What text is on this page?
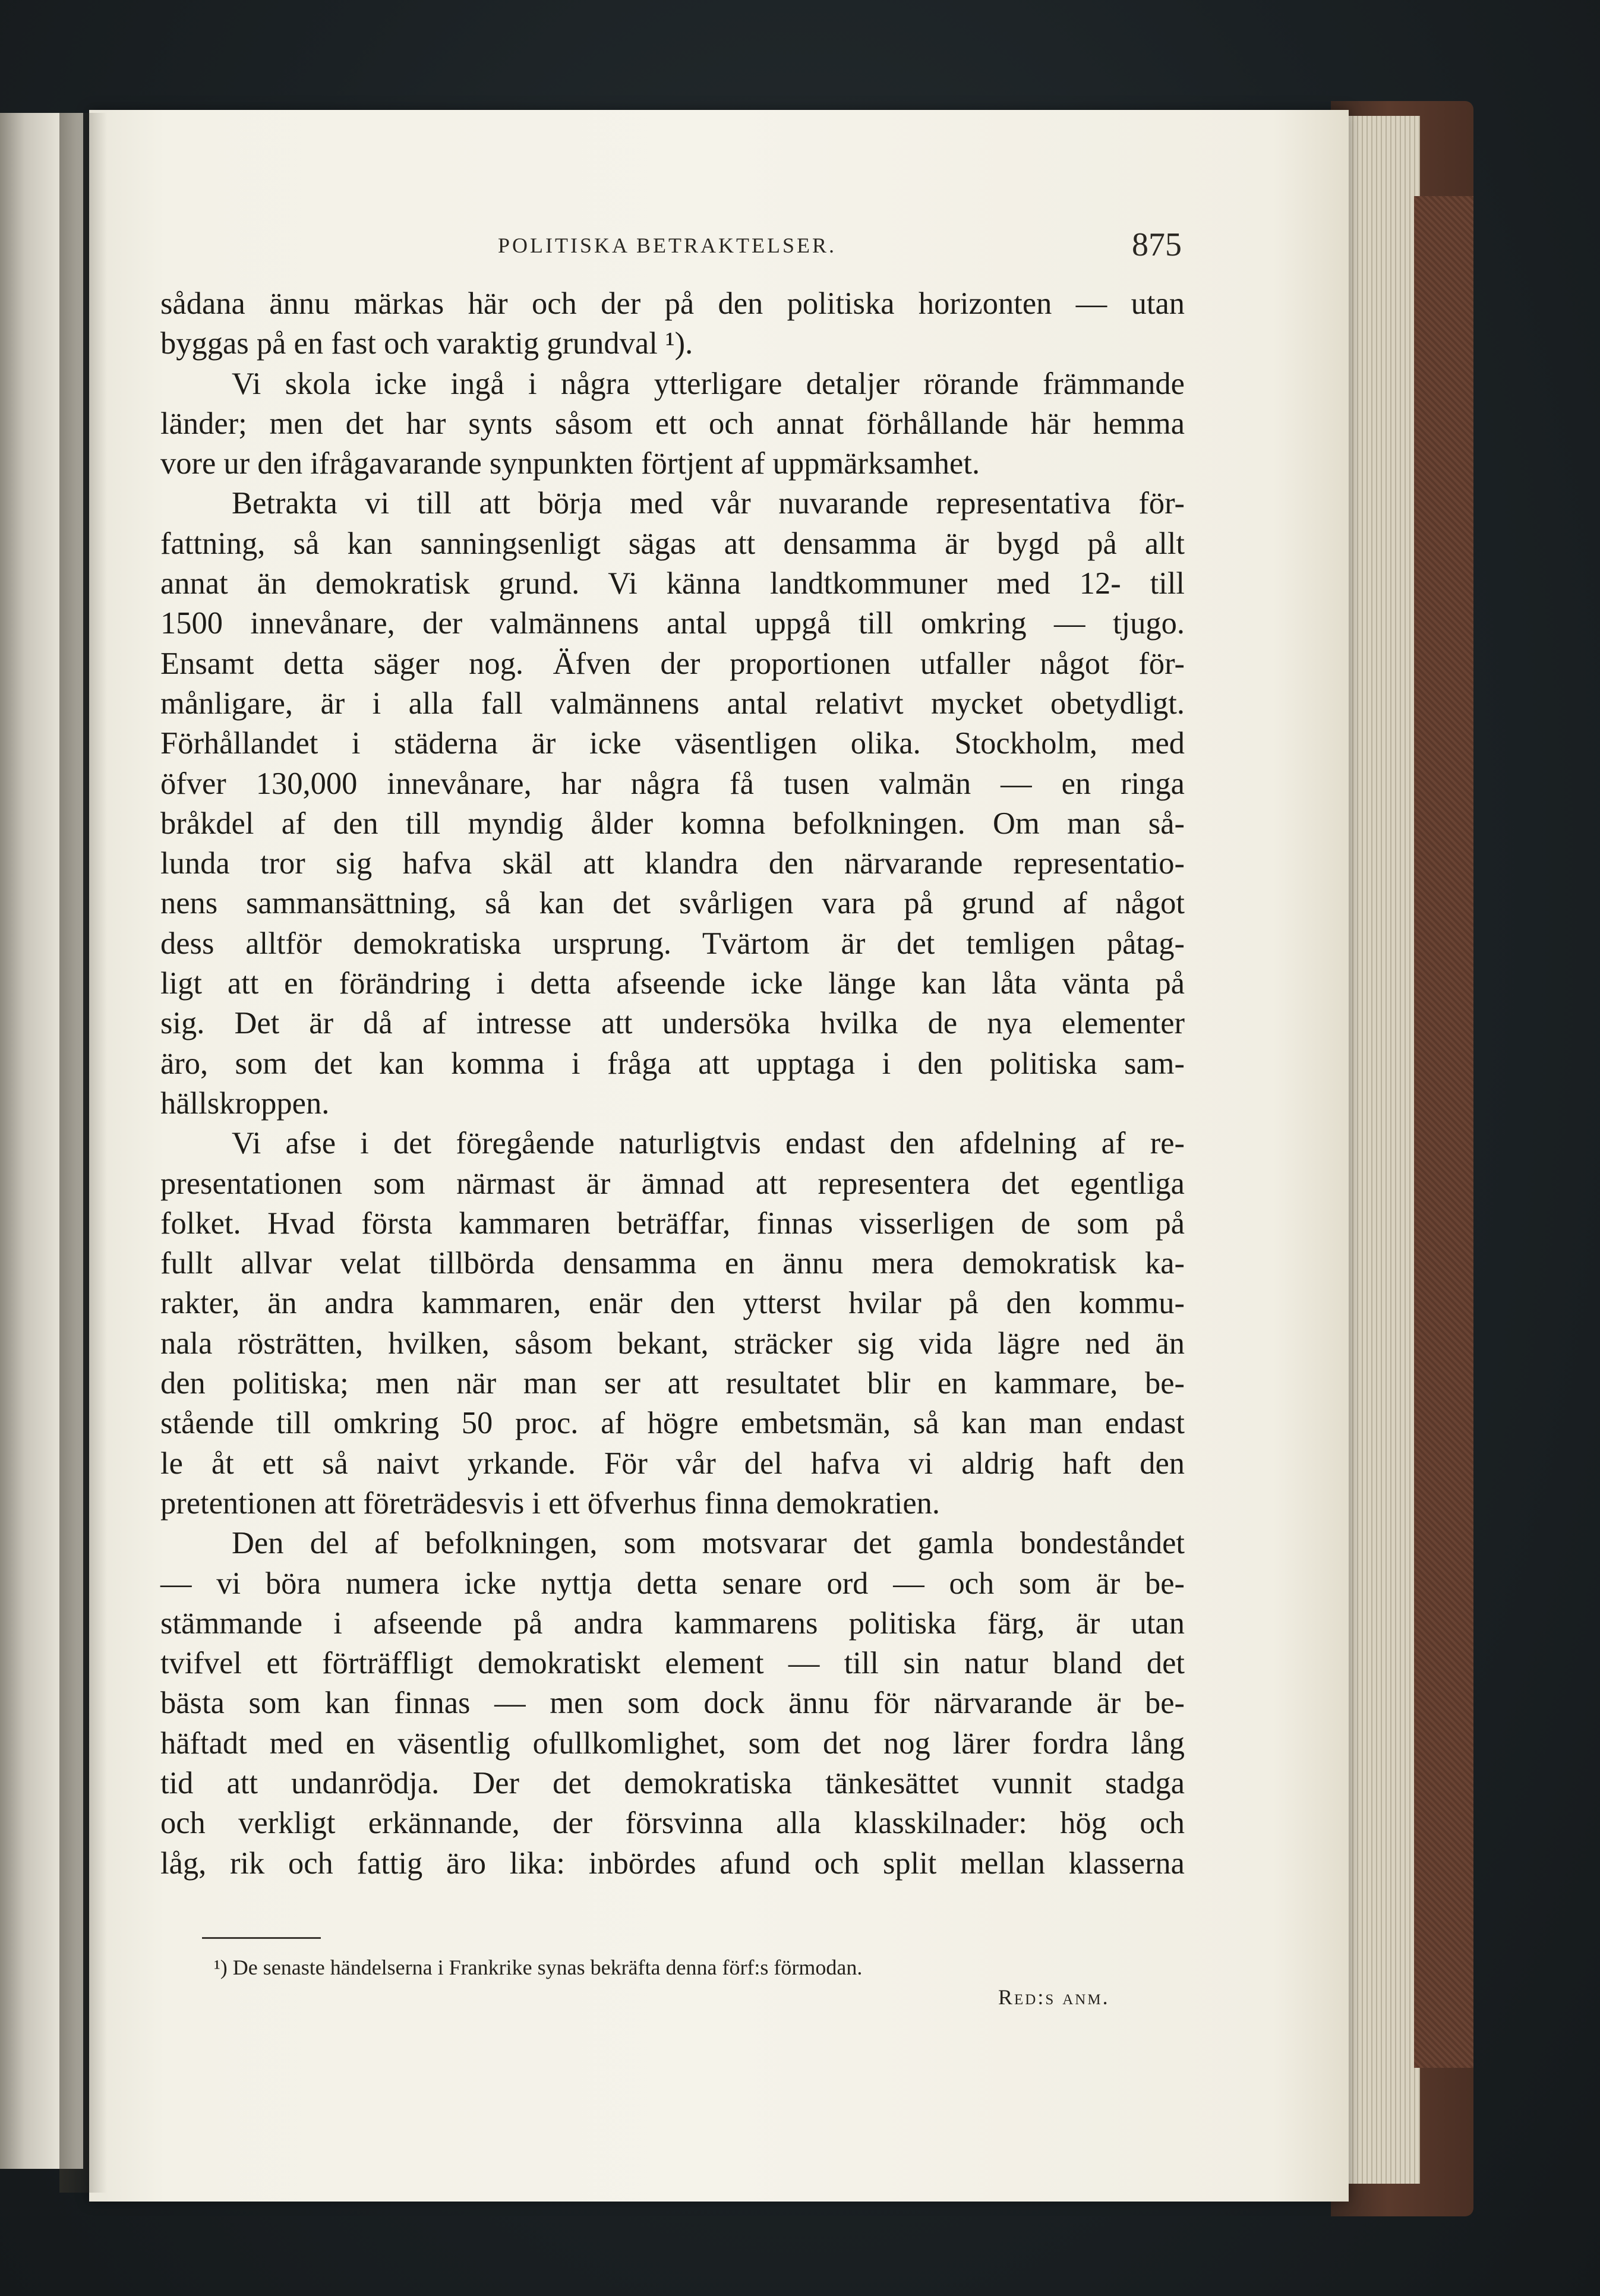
POLITISKA BETRAKTELSER.	875
sådana ännu märkas här och der på den politiska horizonten — utan
byggas på en fast och varaktig grundval ¹).
Vi skola icke ingå i några ytterligare detaljer rörande främmande
länder; men det har synts såsom ett och annat förhållande här hemma
vore ur den ifrågavarande synpunkten förtjent af uppmärksamhet.
Betrakta vi till att börja med vår nuvarande representativa för-
fattning, så kan sanningsenligt sägas att densamma är bygd på allt
annat än demokratisk grund. Vi känna landtkommuner med 12- till
1500 innevånare, der valmännens antal uppgå till omkring — tjugo.
Ensamt detta säger nog. Äfven der proportionen utfaller något för-
månligare, är i alla fall valmännens antal relativt mycket obetydligt.
Förhållandet i städerna är icke väsentligen olika. Stockholm, med
öfver 130,000 innevånare, har några få tusen valmän — en ringa
bråkdel af den till myndig ålder komna befolkningen. Om man så-
lunda tror sig hafva skäl att klandra den närvarande representatio-
nens sammansättning, så kan det svårligen vara på grund af något
dess alltför demokratiska ursprung. Tvärtom är det temligen påtag-
ligt att en förändring i detta afseende icke länge kan låta vänta på
sig. Det är då af intresse att undersöka hvilka de nya elementer
äro, som det kan komma i fråga att upptaga i den politiska sam-
hällskroppen.
Vi afse i det föregående naturligtvis endast den afdelning af re-
presentationen som närmast är ämnad att representera det egentliga
folket. Hvad första kammaren beträffar, finnas visserligen de som på
fullt allvar velat tillbörda densamma en ännu mera demokratisk ka-
rakter, än andra kammaren, enär den ytterst hvilar på den kommu-
nala rösträtten, hvilken, såsom bekant, sträcker sig vida lägre ned än
den politiska; men när man ser att resultatet blir en kammare, be-
stående till omkring 50 proc. af högre embetsmän, så kan man endast
le åt ett så naivt yrkande. För vår del hafva vi aldrig haft den
pretentionen att företrädesvis i ett öfverhus finna demokratien.
Den del af befolkningen, som motsvarar det gamla bondeståndet
— vi böra numera icke nyttja detta senare ord — och som är be-
stämmande i afseende på andra kammarens politiska färg, är utan
tvifvel ett förträffligt demokratiskt element — till sin natur bland det
bästa som kan finnas — men som dock ännu för närvarande är be-
häftadt med en väsentlig ofullkomlighet, som det nog lärer fordra lång
tid att undanrödja. Der det demokratiska tänkesättet vunnit stadga
och verkligt erkännande, der försvinna alla klasskilnader: hög och
låg, rik och fattig äro lika: inbördes afund och split mellan klasserna
¹) De senaste händelserna i Frankrike synas bekräfta denna förf:s förmodan.
Red:s anm.
